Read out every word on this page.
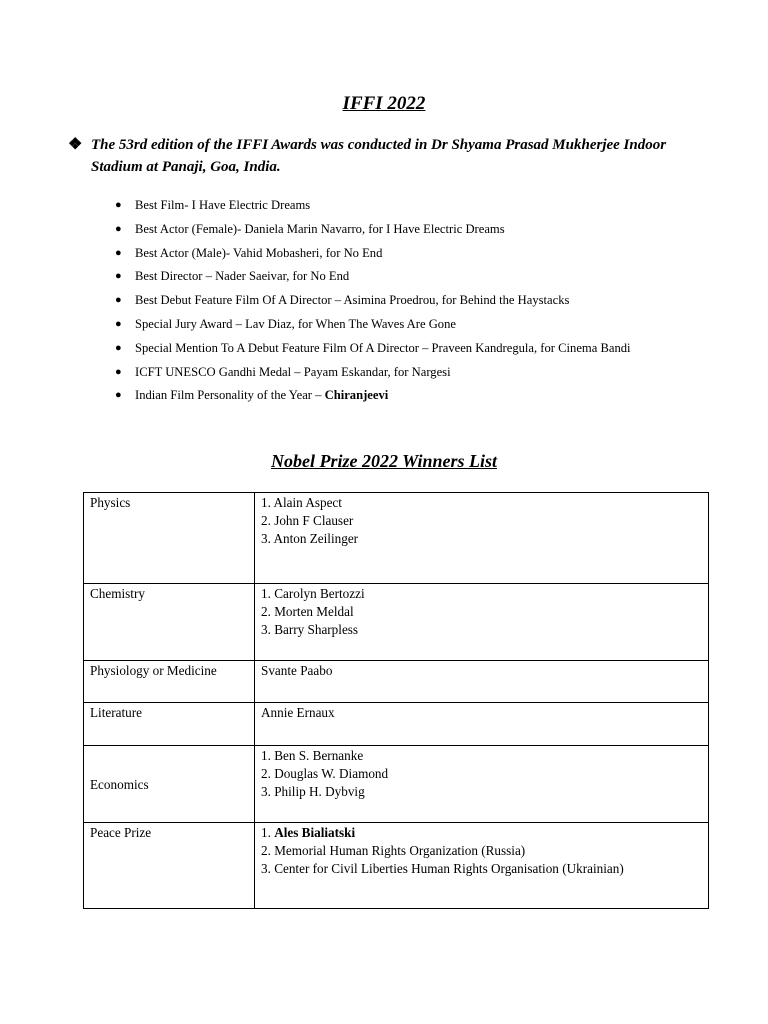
IFFI 2022
❖ The 53rd edition of the IFFI Awards was conducted in Dr Shyama Prasad Mukherjee Indoor Stadium at Panaji, Goa, India.
● Best Film- I Have Electric Dreams
● Best Actor (Female)- Daniela Marin Navarro, for I Have Electric Dreams
● Best Actor (Male)- Vahid Mobasheri, for No End
● Best Director – Nader Saeivar, for No End
● Best Debut Feature Film Of A Director – Asimina Proedrou, for Behind the Haystacks
● Special Jury Award – Lav Diaz, for When The Waves Are Gone
● Special Mention To A Debut Feature Film Of A Director – Praveen Kandregula, for Cinema Bandi
● ICFT UNESCO Gandhi Medal – Payam Eskandar, for Nargesi
● Indian Film Personality of the Year – Chiranjeevi
Nobel Prize 2022 Winners List
Physics	1. Alain Aspect
2. John F Clauser
3. Anton Zeilinger

Chemistry	1. Carolyn Bertozzi
2. Morten Meldal
3. Barry Sharpless

Physiology or Medicine	Svante Paabo

Literature	Annie Ernaux

Economics	1. Ben S. Bernanke
2. Douglas W. Diamond
3. Philip H. Dybvig

Peace Prize	1. Ales Bialiatski
2. Memorial Human Rights Organization (Russia)
3. Center for Civil Liberties Human Rights Organisation (Ukrainian)
